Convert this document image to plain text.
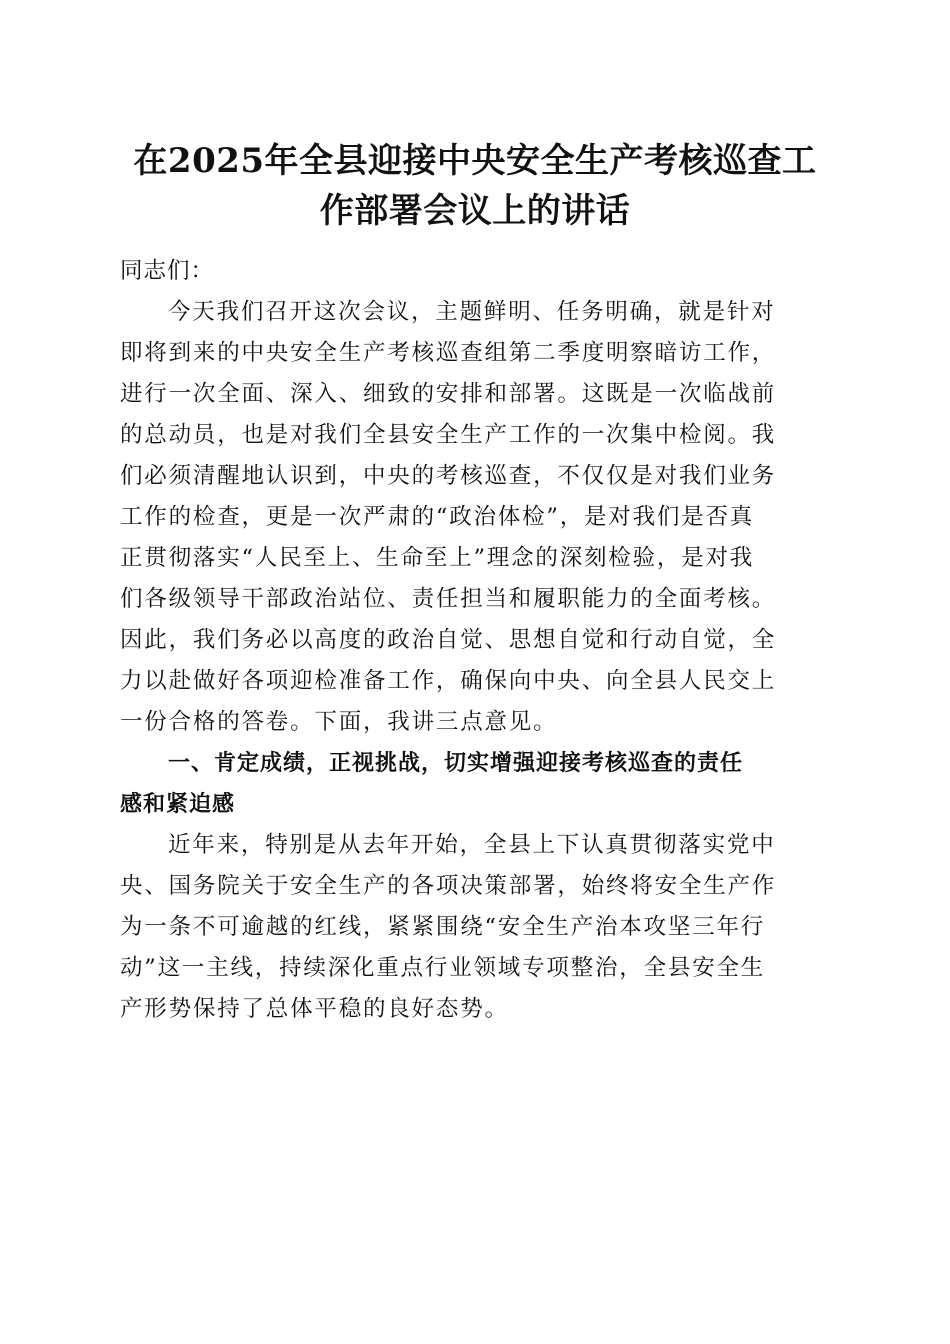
在2025年全县迎接中央安全生产考核巡查工
作部署会议上的讲话
同志们：

今天我们召开这次会议，主题鲜明、任务明确，就是针对
即将到来的中央安全生产考核巡查组第二季度明察暗访工作，
进行一次全面、深入、细致的安排和部署。这既是一次临战前
的总动员，也是对我们全县安全生产工作的一次集中检阅。我
们必须清醒地认识到，中央的考核巡查，不仅仅是对我们业务
工作的检查，更是一次严肃的“政治体检”，是对我们是否真
正贯彻落实“人民至上、生命至上”理念的深刻检验，是对我
们各级领导干部政治站位、责任担当和履职能力的全面考核。
因此，我们务必以高度的政治自觉、思想自觉和行动自觉，全
力以赴做好各项迎检准备工作，确保向中央、向全县人民交上
一份合格的答卷。下面，我讲三点意见。

一、肯定成绩，正视挑战，切实增强迎接考核巡查的责任
感和紧迫感

近年来，特别是从去年开始，全县上下认真贯彻落实党中
央、国务院关于安全生产的各项决策部署，始终将安全生产作
为一条不可逾越的红线，紧紧围绕“安全生产治本攻坚三年行
动”这一主线，持续深化重点行业领域专项整治，全县安全生
产形势保持了总体平稳的良好态势。
